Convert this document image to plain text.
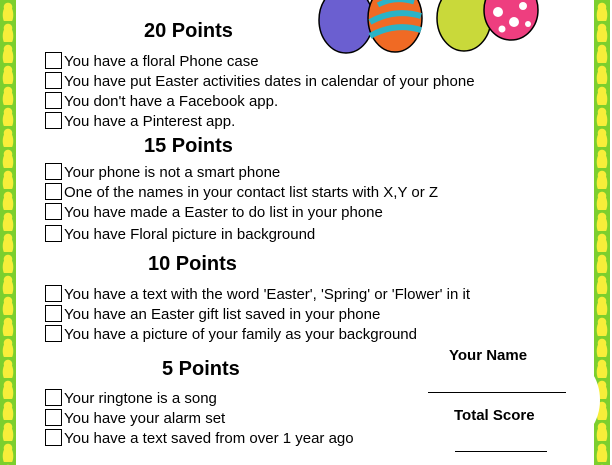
20 Points
You have a floral Phone case
You have put Easter activities dates in calendar of your phone
You don't have a Facebook app.
You have a Pinterest app.
15 Points
Your phone is not a smart phone
One of the names in your contact list starts with X,Y or Z
You have made a Easter to do list in your phone
You have Floral picture in background
10 Points
You have a text with the word 'Easter', 'Spring' or 'Flower' in it
You have an Easter gift list saved in your phone
You have a picture of your family as your background
5 Points
Your ringtone is a song
You have your alarm set
You have a text saved from over 1 year ago
Your Name
Total Score
